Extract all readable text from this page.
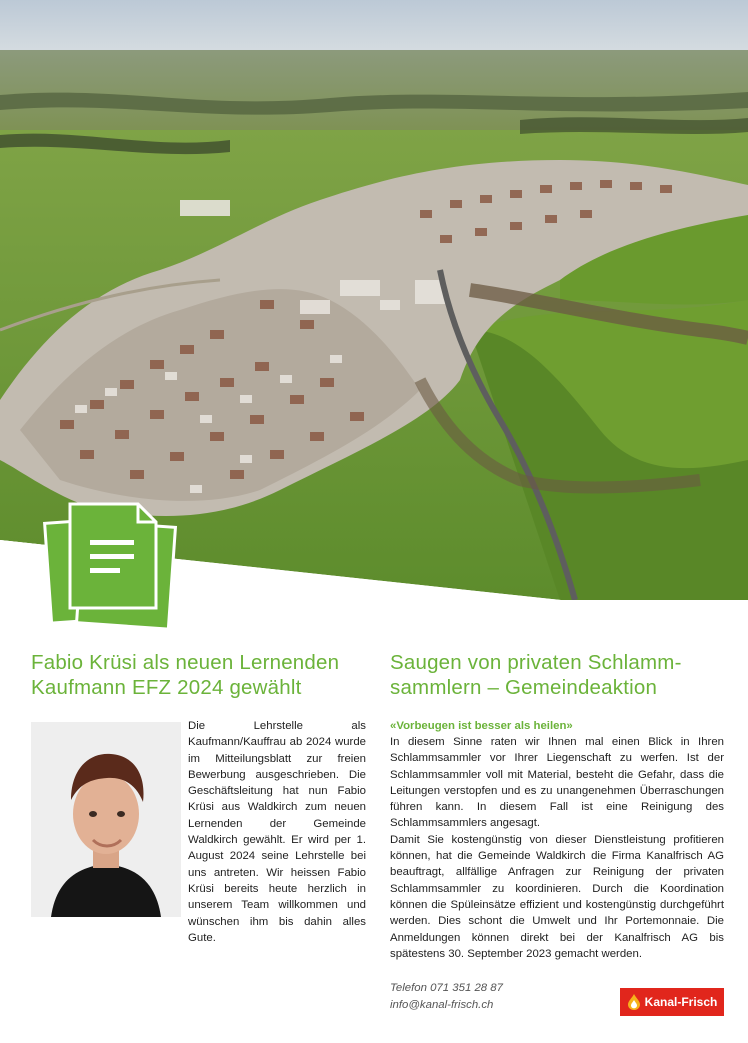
Fabio Krüsi als neuen Lernenden
Kaufmann EFZ 2024 gewählt

Die Lehrstelle als Kaufmann/Kauffrau ab 2024 wurde im Mitteilungsblatt zur freien Bewerbung ausgeschrieben. Die Geschäftsleitung hat nun Fabio Krüsi aus Waldkirch zum neuen Lernenden der Gemeinde Waldkirch gewählt. Er wird per 1. August 2024 seine Lehrstelle bei uns antreten. Wir heissen Fabio Krüsi bereits heute herzlich in unserem Team willkommen und wünschen ihm bis dahin alles Gute.

Saugen von privaten Schlamm-
sammlern – Gemeindeaktion

«Vorbeugen ist besser als heilen»

In diesem Sinne raten wir Ihnen mal einen Blick in Ihren Schlammsammler vor Ihrer Liegenschaft zu werfen. Ist der Schlammsammler voll mit Material, besteht die Gefahr, dass die Leitungen verstopfen und es zu unangenehmen Überraschungen führen kann. In diesem Fall ist eine Reinigung des Schlammsammlers angesagt.

Damit Sie kostengünstig von dieser Dienstleistung profitieren können, hat die Gemeinde Waldkirch die Firma Kanalfrisch AG beauftragt, allfällige Anfragen zur Reinigung der privaten Schlammsammler zu koordinieren. Durch die Koordination können die Spüleinsätze effizient und kostengünstig durchgeführt werden. Dies schont die Umwelt und Ihr Portemonnaie. Die Anmeldungen können direkt bei der Kanalfrisch AG bis spätestens 30. September 2023 gemacht werden.

Telefon 071 351 28 87
info@kanal-frisch.ch	Kanal-Frisch
